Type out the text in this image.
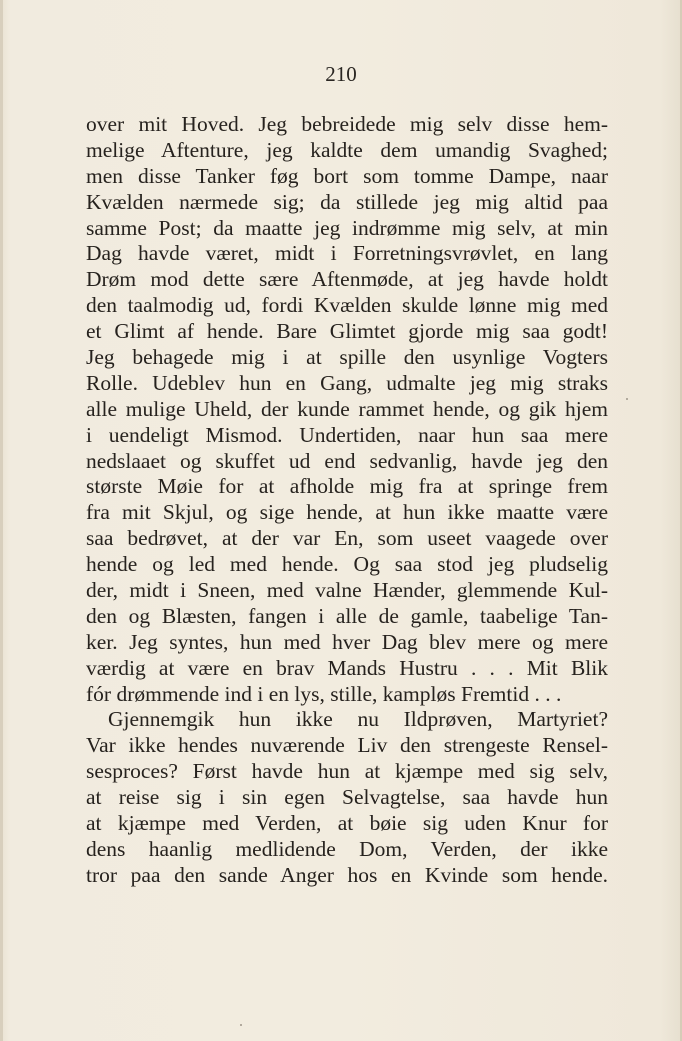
210
over mit Hoved. Jeg bebreidede mig selv disse hem-
melige Aftenture, jeg kaldte dem umandig Svaghed;
men disse Tanker føg bort som tomme Dampe, naar
Kvælden nærmede sig; da stillede jeg mig altid paa
samme Post; da maatte jeg indrømme mig selv, at min
Dag havde været, midt i Forretningsvrøvlet, en lang
Drøm mod dette sære Aftenmøde, at jeg havde holdt
den taalmodig ud, fordi Kvælden skulde lønne mig med
et Glimt af hende. Bare Glimtet gjorde mig saa godt!
Jeg behagede mig i at spille den usynlige Vogters
Rolle. Udeblev hun en Gang, udmalte jeg mig straks
alle mulige Uheld, der kunde rammet hende, og gik hjem
i uendeligt Mismod. Undertiden, naar hun saa mere
nedslaaet og skuffet ud end sedvanlig, havde jeg den
største Møie for at afholde mig fra at springe frem
fra mit Skjul, og sige hende, at hun ikke maatte være
saa bedrøvet, at der var En, som useet vaagede over
hende og led med hende. Og saa stod jeg pludselig
der, midt i Sneen, med valne Hænder, glemmende Kul-
den og Blæsten, fangen i alle de gamle, taabelige Tan-
ker. Jeg syntes, hun med hver Dag blev mere og mere
værdig at være en brav Mands Hustru . . . Mit Blik
fór drømmende ind i en lys, stille, kampløs Fremtid . . .
Gjennemgik hun ikke nu Ildprøven, Martyriet?
Var ikke hendes nuværende Liv den strengeste Rensel-
sesproces? Først havde hun at kjæmpe med sig selv,
at reise sig i sin egen Selvagtelse, saa havde hun
at kjæmpe med Verden, at bøie sig uden Knur for
dens haanlig medlidende Dom, Verden, der ikke
tror paa den sande Anger hos en Kvinde som hende.
